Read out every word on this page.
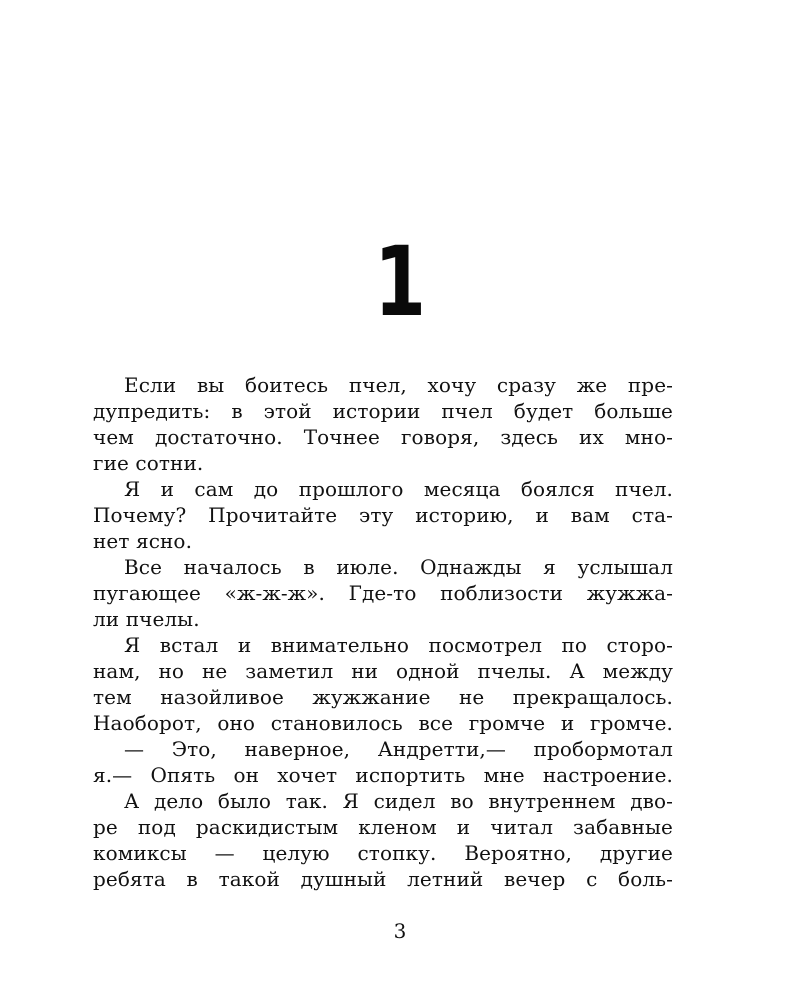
1
Если вы боитесь пчел, хочу сразу же пре-
дупредить: в этой истории пчел будет больше
чем достаточно. Точнее говоря, здесь их мно-
гие сотни.
Я и сам до прошлого месяца боялся пчел.
Почему? Прочитайте эту историю, и вам ста-
нет ясно.
Все началось в июле. Однажды я услышал
пугающее «ж-ж-ж». Где-то поблизости жужжа-
ли пчелы.
Я встал и внимательно посмотрел по сторо-
нам, но не заметил ни одной пчелы. А между
тем назойливое жужжание не прекращалось.
Наоборот, оно становилось все громче и громче.
— Это, наверное, Андретти,— пробормотал
я.— Опять он хочет испортить мне настроение.
А дело было так. Я сидел во внутреннем дво-
ре под раскидистым кленом и читал забавные
комиксы — целую стопку. Вероятно, другие
ребята в такой душный летний вечер с боль-
3
